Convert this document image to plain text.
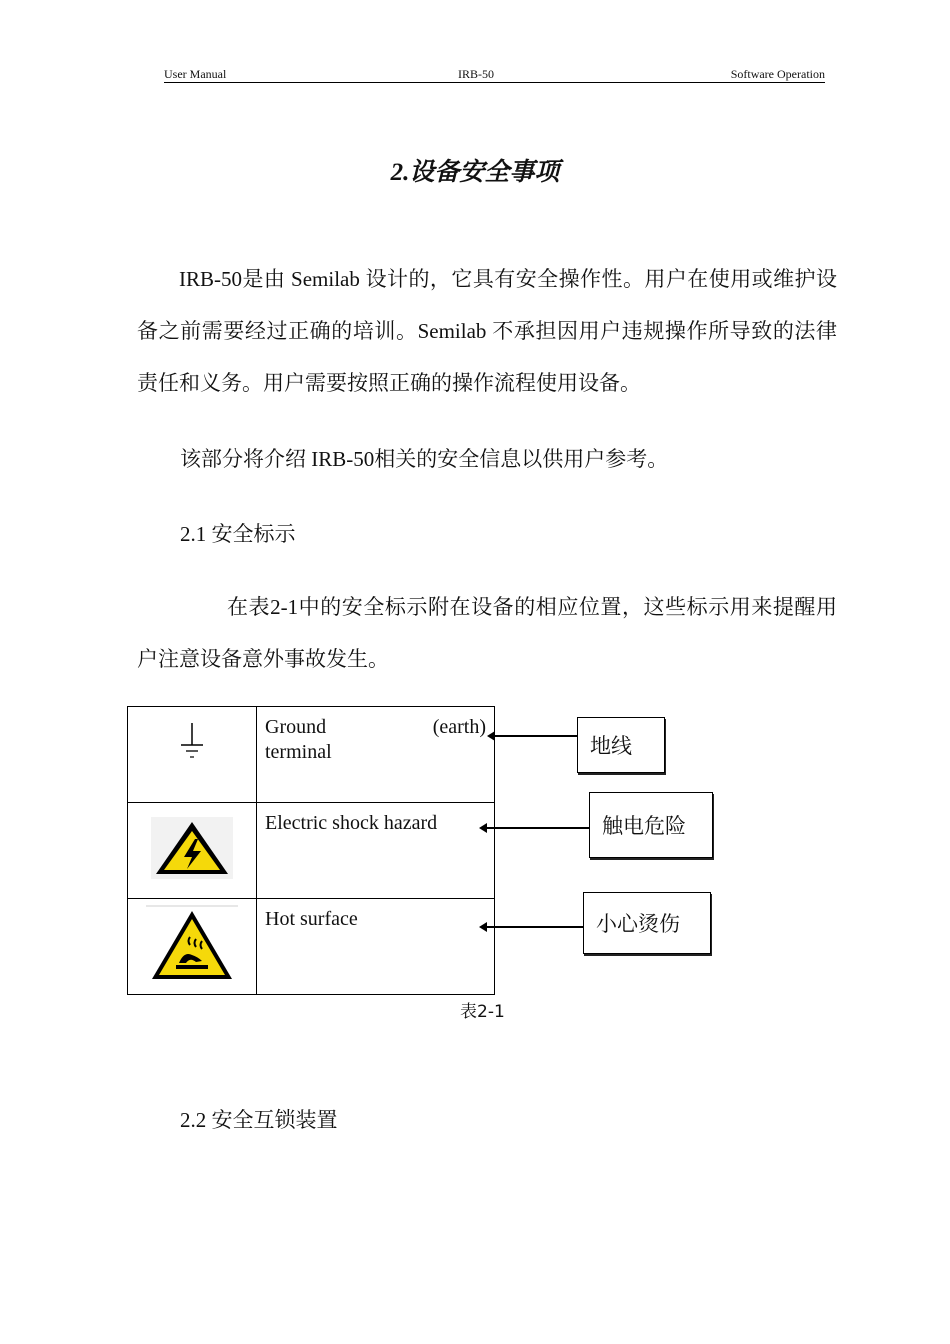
User Manual	IRB-50	Software Operation
2.设备安全事项
IRB-50是由 Semilab 设计的，它具有安全操作性。用户在使用或维护设备之前需要经过正确的培训。Semilab 不承担因用户违规操作所导致的法律责任和义务。用户需要按照正确的操作流程使用设备。
该部分将介绍 IRB-50相关的安全信息以供用户参考。
2.1 安全标示
在表2-1中的安全标示附在设备的相应位置，这些标示用来提醒用户注意设备意外事故发生。

Ground (earth)
terminal

Electric shock hazard

Hot surface
地线
触电危险
小心烫伤
表2-1
2.2 安全互锁装置
